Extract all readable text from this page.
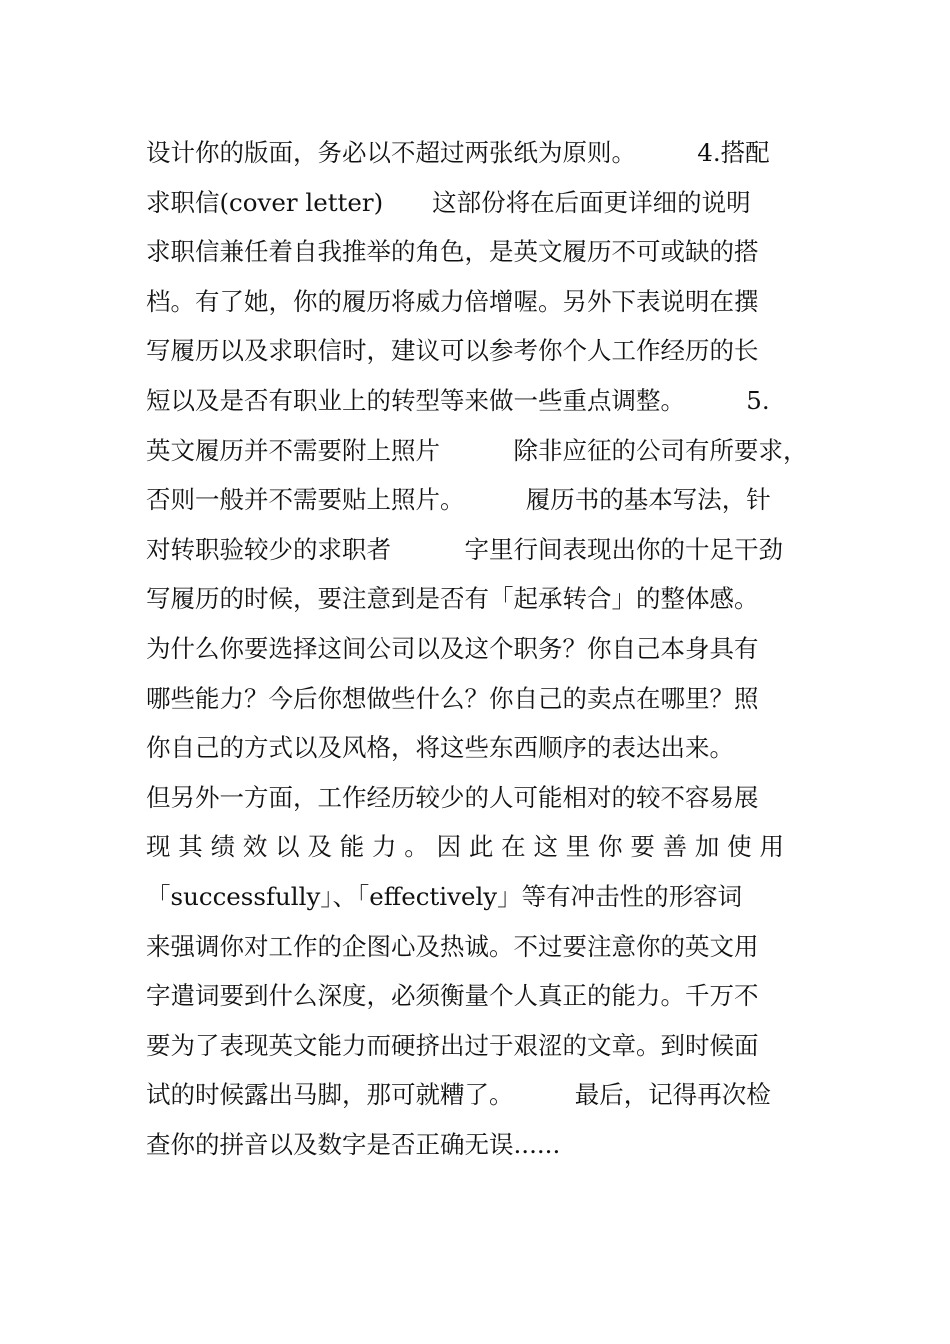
设计你的版面，务必以不超过两张纸为原则。　　　4.搭配
求职信(cover letter)　　这部份将在后面更详细的说明
求职信兼任着自我推举的角色，是英文履历不可或缺的搭
档。有了她，你的履历将威力倍增喔。另外下表说明在撰
写履历以及求职信时，建议可以参考你个人工作经历的长
短以及是否有职业上的转型等来做一些重点调整。　　　5.
英文履历并不需要附上照片　　　除非应征的公司有所要求，
否则一般并不需要贴上照片。　　　履历书的基本写法，针
对转职验较少的求职者　　　字里行间表现出你的十足干劲
写履历的时候，要注意到是否有「起承转合」的整体感。
为什么你要选择这间公司以及这个职务？你自己本身具有
哪些能力？今后你想做些什么？你自己的卖点在哪里？照
你自己的方式以及风格，将这些东西顺序的表达出来。
但另外一方面，工作经历较少的人可能相对的较不容易展
现 其 绩 效 以 及 能 力 。 因 此 在 这 里 你 要 善 加 使 用
「successfully」、「effectively」等有冲击性的形容词
来强调你对工作的企图心及热诚。不过要注意你的英文用
字遣词要到什么深度，必须衡量个人真正的能力。千万不
要为了表现英文能力而硬挤出过于艰涩的文章。到时候面
试的时候露出马脚，那可就糟了。　　　最后，记得再次检
查你的拼音以及数字是否正确无误......
